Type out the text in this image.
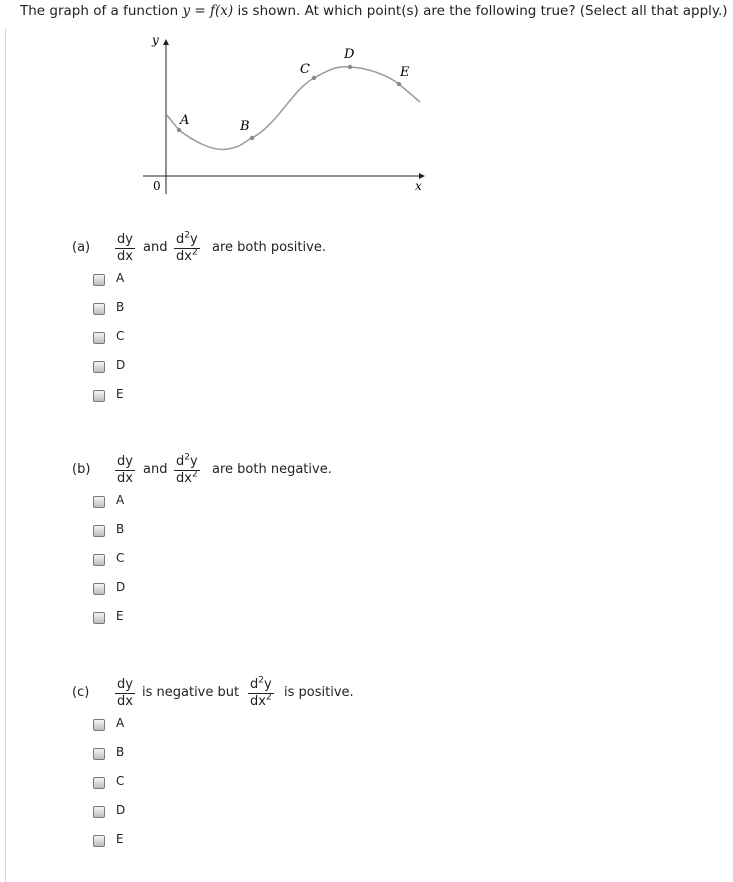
The graph of a function y = f(x) is shown. At which point(s) are the following true? (Select all that apply.)
y
x
0
A	B
C
D
E
$(a) \frac{dy}{dx}$ and $\frac{d^2y}{dx^2}$ are both positive.
A
B
C
D
E
$(b) \frac{dy}{dx}$ and $\frac{d^2y}{dx^2}$ are both negative.
A
B
C
D
E
$(c) \frac{dy}{dx}$ is negative but $\frac{d^2y}{dx^2}$ is positive.
A
B
C
D
E
